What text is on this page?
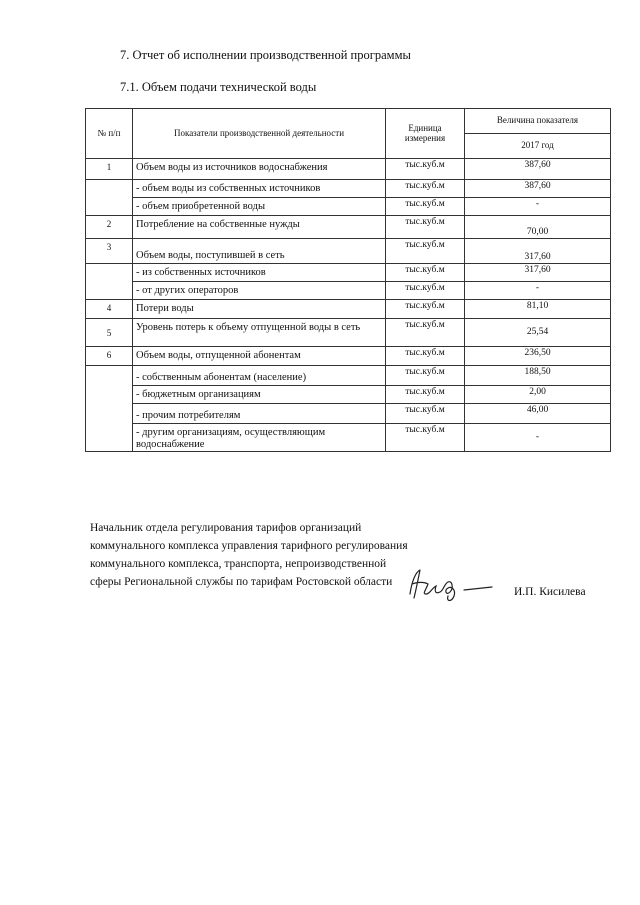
7. Отчет об исполнении производственной программы
7.1. Объем подачи технической воды
№ п/п	Показатели производственной деятельности	Единица измерения	Величина показателя
			2017 год
1	Объем воды из источников водоснабжения	тыс.куб.м	387,60
	- объем воды из собственных источников	тыс.куб.м	387,60
	- объем приобретенной воды	тыс.куб.м	-
2	Потребление на собственные нужды	тыс.куб.м	70,00
3	Объем воды, поступившей в сеть	тыс.куб.м	317,60
	- из собственных источников	тыс.куб.м	317,60
	- от других операторов	тыс.куб.м	-
4	Потери воды	тыс.куб.м	81,10
5	Уровень потерь к объему отпущенной воды в сеть	тыс.куб.м	25,54
6	Объем воды, отпущенной абонентам	тыс.куб.м	236,50
	- собственным абонентам (население)	тыс.куб.м	188,50
	- бюджетным организациям	тыс.куб.м	2,00
	- прочим потребителям	тыс.куб.м	46,00
	- другим организациям, осуществляющим водоснабжение	тыс.куб.м	-
Начальник отдела регулирования тарифов организаций коммунального комплекса управления тарифного регулирования коммунального комплекса, транспорта, непроизводственной сферы Региональной службы по тарифам Ростовской области
И.П. Кисилева
